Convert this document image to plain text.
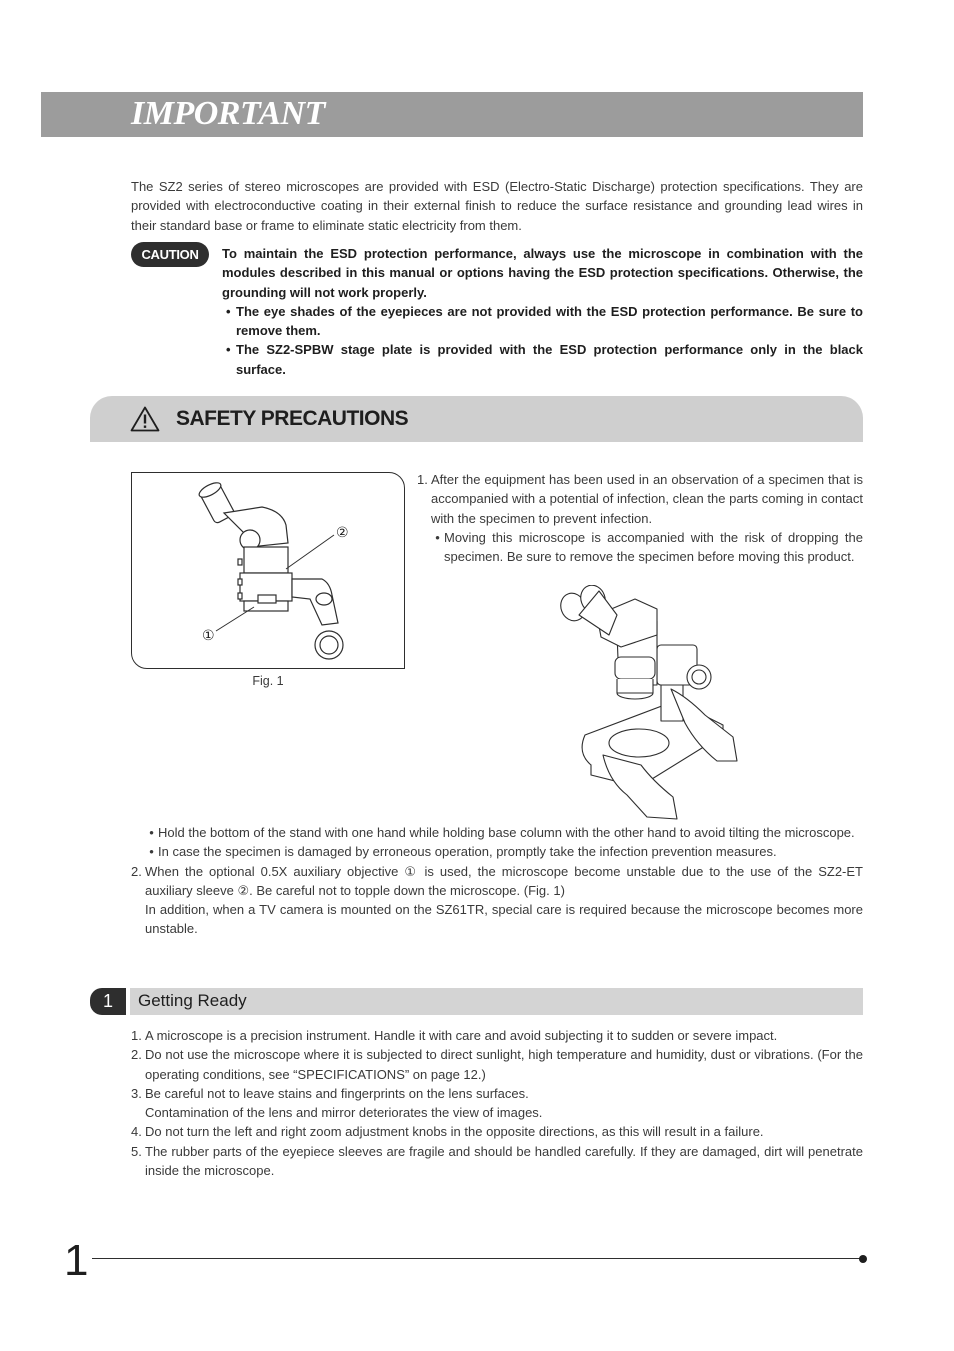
IMPORTANT
The SZ2 series of stereo microscopes are provided with ESD (Electro-Static Discharge) protection specifications. They are provided with electroconductive coating in their external finish to reduce the surface resistance and grounding lead wires in their standard base or frame to eliminate static electricity from them.
CAUTION	To maintain the ESD protection performance, always use the microscope in combination with the modules described in this manual or options having the ESD protection specifications. Otherwise, the grounding will not work properly.
• The eye shades of the eyepieces are not provided with the ESD protection performance. Be sure to remove them.
• The SZ2-SPBW stage plate is provided with the ESD protection performance only in the black surface.
SAFETY PRECAUTIONS
②
①
Fig. 1
1. After the equipment has been used in an observation of a specimen that is accompanied with a potential of infection, clean the parts coming in contact with the specimen to prevent infection.
• Moving this microscope is accompanied with the risk of dropping the specimen. Be sure to remove the specimen before moving this product.
• Hold the bottom of the stand with one hand while holding base column with the other hand to avoid tilting the microscope.
• In case the specimen is damaged by erroneous operation, promptly take the infection prevention measures.
2. When the optional 0.5X auxiliary objective ① is used, the microscope become unstable due to the use of the SZ2-ET auxiliary sleeve ②. Be careful not to topple down the microscope. (Fig. 1)
In addition, when a TV camera is mounted on the SZ61TR, special care is required because the microscope becomes more unstable.
1	Getting Ready
1. A microscope is a precision instrument. Handle it with care and avoid subjecting it to sudden or severe impact.
2. Do not use the microscope where it is subjected to direct sunlight, high temperature and humidity, dust or vibrations. (For the operating conditions, see “SPECIFICATIONS” on page 12.)
3. Be careful not to leave stains and fingerprints on the lens surfaces.
Contamination of the lens and mirror deteriorates the view of images.
4. Do not turn the left and right zoom adjustment knobs in the opposite directions, as this will result in a failure.
5. The rubber parts of the eyepiece sleeves are fragile and should be handled carefully. If they are damaged, dirt will penetrate inside the microscope.
1
